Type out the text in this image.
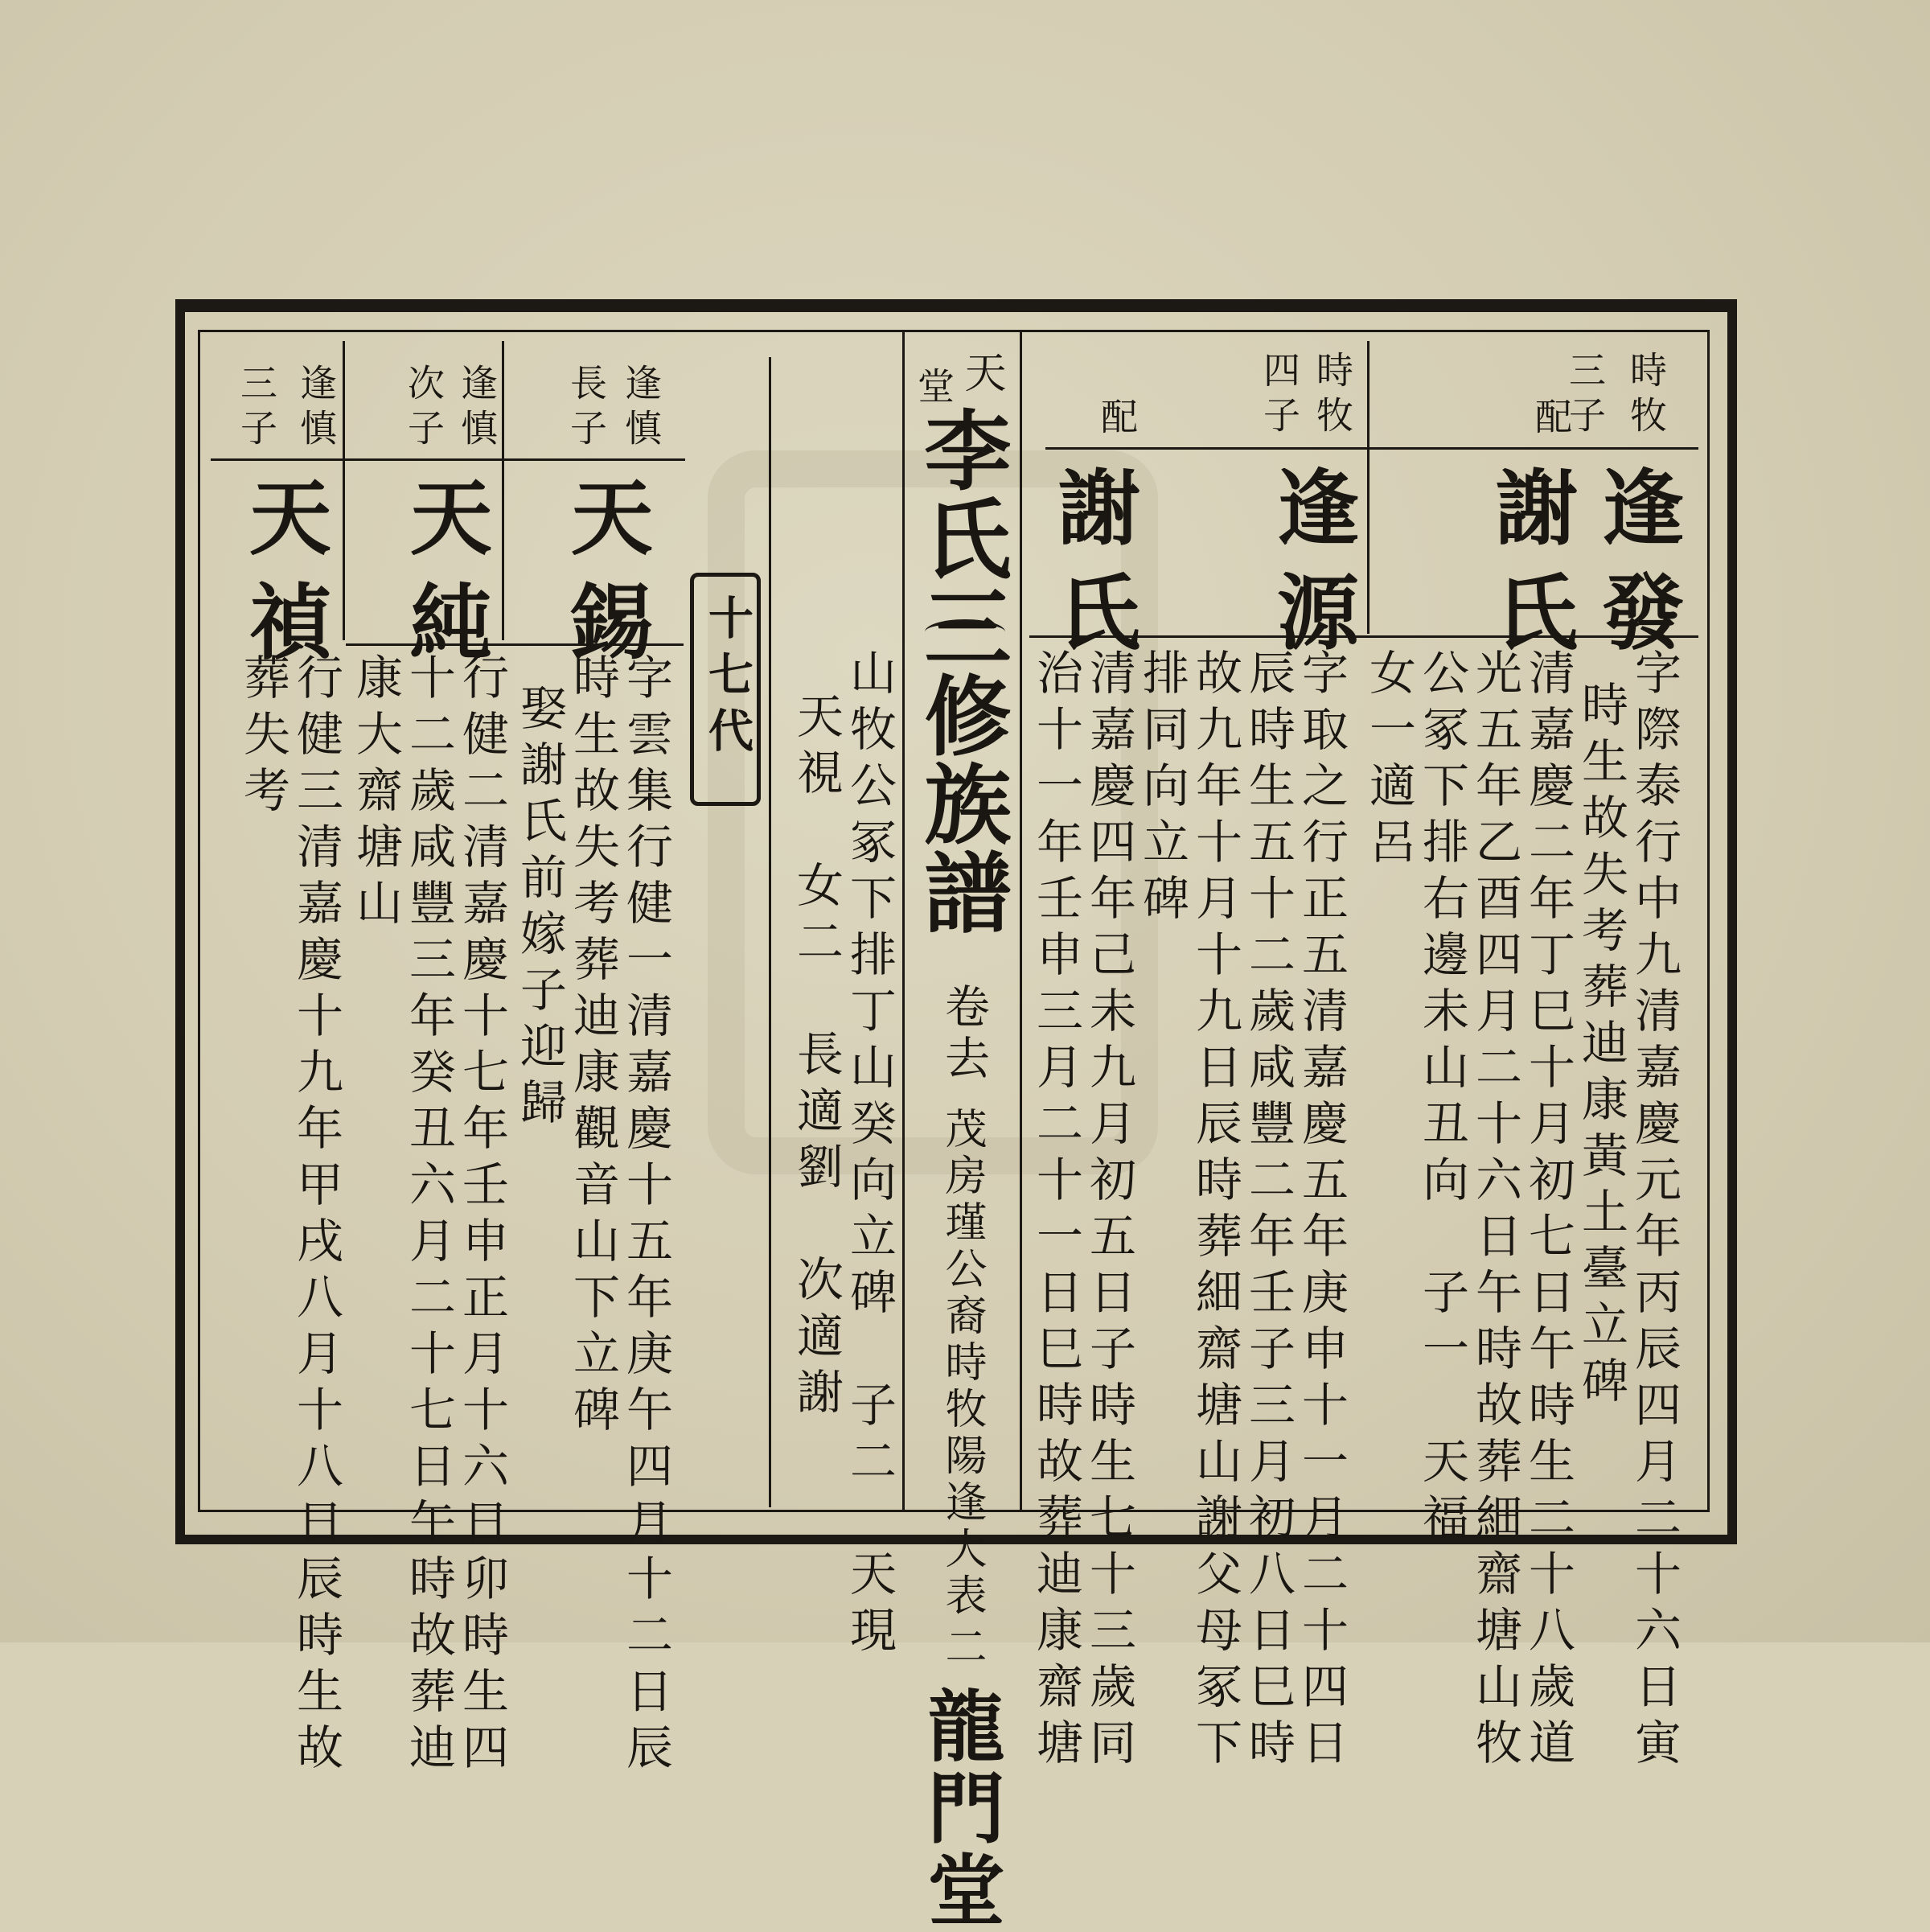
天
堂
李氏三修族譜
卷去
茂房瑾公裔時牧陽逢大表
二
龍門堂
時牧
三子
配
逢發
謝氏
時牧
四子
配
逢源
謝氏
字際泰行中九清嘉慶元年丙辰四月二十六日寅
時生故失考葬迪康黃土臺立碑
清嘉慶二年丁巳十月初七日午時生二十八歲道
光五年乙酉四月二十六日午時故葬細齋塘山牧
公冢下排右邊未山丑向　子一　天福
女一適呂
字取之行正五清嘉慶五年庚申十一月二十四日
辰時生五十二歲咸豐二年壬子三月初八日巳時
故九年十月十九日辰時葬細齋塘山謝父母冢下
排同向立碑
清嘉慶四年己未九月初五日子時生七十三歲同
治十一年壬申三月二十一日巳時故葬迪康齋塘
十七代 山牧公冢下排丁山癸向立碑　子二　天現
天視　女二　長適劉　次適謝
逢慎
長子
天錫
逢慎
次子
天純
逢慎
三子
天禎
字雲集行健一清嘉慶十五年庚午四月十二日辰
時生故失考葬迪康觀音山下立碑
娶謝氏前嫁子迎歸
行健二清嘉慶十七年壬申正月十六日卯時生四
十二歲咸豐三年癸丑六月二十七日午時故葬迪
康大齋塘山
行健三清嘉慶十九年甲戌八月十八日辰時生故
葬失考
